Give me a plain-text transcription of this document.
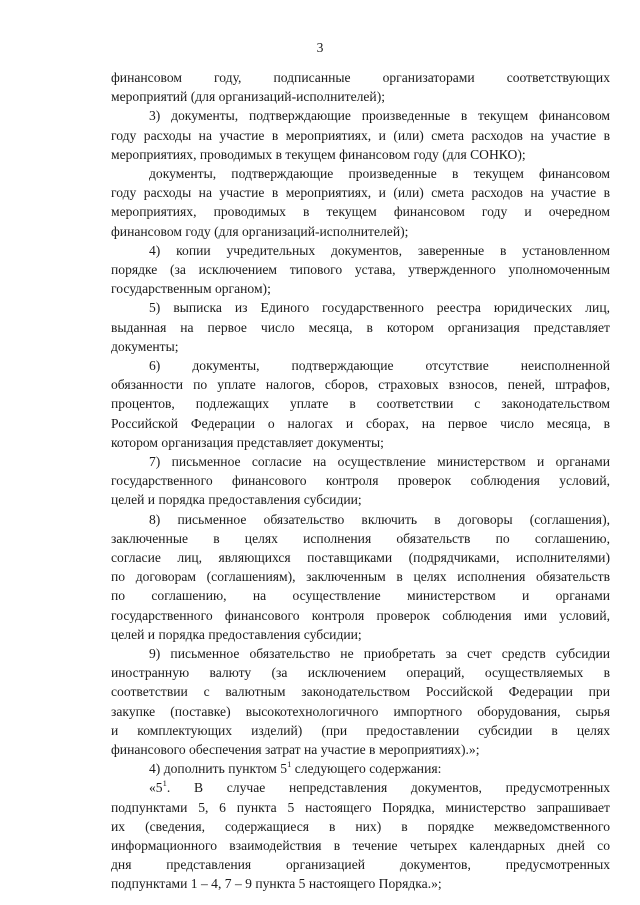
3
финансовом году, подписанные организаторами соответствующих
мероприятий (для организаций-исполнителей);
3) документы, подтверждающие произведенные в текущем финансовом
году расходы на участие в мероприятиях, и (или) смета расходов на участие в
мероприятиях, проводимых в текущем финансовом году (для СОНКО);
документы, подтверждающие произведенные в текущем финансовом
году расходы на участие в мероприятиях, и (или) смета расходов на участие в
мероприятиях, проводимых в текущем финансовом году и очередном
финансовом году (для организаций-исполнителей);
4) копии учредительных документов, заверенные в установленном
порядке (за исключением типового устава, утвержденного уполномоченным
государственным органом);
5) выписка из Единого государственного реестра юридических лиц,
выданная на первое число месяца, в котором организация представляет
документы;
6) документы, подтверждающие отсутствие неисполненной
обязанности по уплате налогов, сборов, страховых взносов, пеней, штрафов,
процентов, подлежащих уплате в соответствии с законодательством
Российской Федерации о налогах и сборах, на первое число месяца, в
котором организация представляет документы;
7) письменное согласие на осуществление министерством и органами
государственного финансового контроля проверок соблюдения условий,
целей и порядка предоставления субсидии;
8) письменное обязательство включить в договоры (соглашения),
заключенные в целях исполнения обязательств по соглашению,
согласие лиц, являющихся поставщиками (подрядчиками, исполнителями)
по договорам (соглашениям), заключенным в целях исполнения обязательств
по соглашению, на осуществление министерством и органами
государственного финансового контроля проверок соблюдения ими условий,
целей и порядка предоставления субсидии;
9) письменное обязательство не приобретать за счет средств субсидии
иностранную валюту (за исключением операций, осуществляемых в
соответствии с валютным законодательством Российской Федерации при
закупке (поставке) высокотехнологичного импортного оборудования, сырья
и комплектующих изделий) (при предоставлении субсидии в целях
финансового обеспечения затрат на участие в мероприятиях).»;
4) дополнить пунктом $5^1$ следующего содержания:
«$5^1$. В случае непредставления документов, предусмотренных
подпунктами 5, 6 пункта 5 настоящего Порядка, министерство запрашивает
их (сведения, содержащиеся в них) в порядке межведомственного
информационного взаимодействия в течение четырех календарных дней со
дня представления организацией документов, предусмотренных
подпунктами 1 – 4, 7 – 9 пункта 5 настоящего Порядка.»;
